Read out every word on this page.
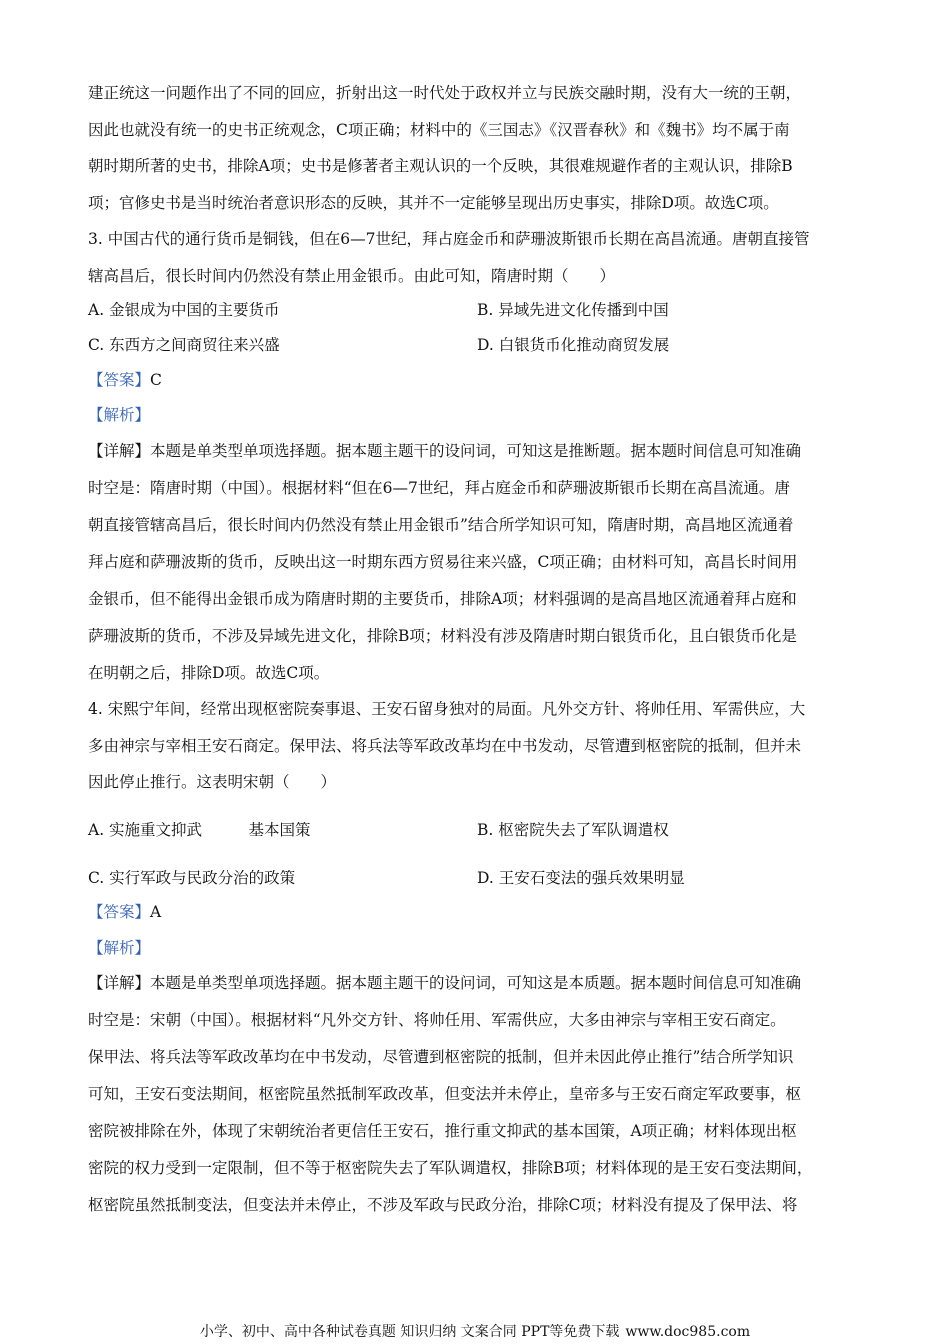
建正统这一问题作出了不同的回应，折射出这一时代处于政权并立与民族交融时期，没有大一统的王朝，
因此也就没有统一的史书正统观念，C项正确；材料中的《三国志》《汉晋春秋》和《魏书》均不属于南
朝时期所著的史书，排除A项；史书是修著者主观认识的一个反映，其很难规避作者的主观认识，排除B
项；官修史书是当时统治者意识形态的反映，其并不一定能够呈现出历史事实，排除D项。故选C项。
3. 中国古代的通行货币是铜钱，但在6—7世纪，拜占庭金币和萨珊波斯银币长期在高昌流通。唐朝直接管
辖高昌后，很长时间内仍然没有禁止用金银币。由此可知，隋唐时期（　　）
A. 金银成为中国的主要货币	B. 异域先进文化传播到中国
C. 东西方之间商贸往来兴盛	D. 白银货币化推动商贸发展
【答案】C
【解析】
【详解】本题是单类型单项选择题。据本题主题干的设问词，可知这是推断题。据本题时间信息可知准确
时空是：隋唐时期（中国）。根据材料“但在6—7世纪，拜占庭金币和萨珊波斯银币长期在高昌流通。唐
朝直接管辖高昌后，很长时间内仍然没有禁止用金银币”结合所学知识可知，隋唐时期，高昌地区流通着
拜占庭和萨珊波斯的货币，反映出这一时期东西方贸易往来兴盛，C项正确；由材料可知，高昌长时间用
金银币，但不能得出金银币成为隋唐时期的主要货币，排除A项；材料强调的是高昌地区流通着拜占庭和
萨珊波斯的货币，不涉及异域先进文化，排除B项；材料没有涉及隋唐时期白银货币化，且白银货币化是
在明朝之后，排除D项。故选C项。
4. 宋熙宁年间，经常出现枢密院奏事退、王安石留身独对的局面。凡外交方针、将帅任用、军需供应，大
多由神宗与宰相王安石商定。保甲法、将兵法等军政改革均在中书发动，尽管遭到枢密院的抵制，但并未
因此停止推行。这表明宋朝（　　）
A. 实施重文抑武　　　基本国策	B. 枢密院失去了军队调遣权
C. 实行军政与民政分治的政策	D. 王安石变法的强兵效果明显
【答案】A
【解析】
【详解】本题是单类型单项选择题。据本题主题干的设问词，可知这是本质题。据本题时间信息可知准确
时空是：宋朝（中国）。根据材料“凡外交方针、将帅任用、军需供应，大多由神宗与宰相王安石商定。
保甲法、将兵法等军政改革均在中书发动，尽管遭到枢密院的抵制，但并未因此停止推行”结合所学知识
可知，王安石变法期间，枢密院虽然抵制军政改革，但变法并未停止，皇帝多与王安石商定军政要事，枢
密院被排除在外，体现了宋朝统治者更信任王安石，推行重文抑武的基本国策，A项正确；材料体现出枢
密院的权力受到一定限制，但不等于枢密院失去了军队调遣权，排除B项；材料体现的是王安石变法期间，
枢密院虽然抵制变法，但变法并未停止，不涉及军政与民政分治，排除C项；材料没有提及了保甲法、将
小学、初中、高中各种试卷真题 知识归纳 文案合同 PPT等免费下载 www.doc985.com
